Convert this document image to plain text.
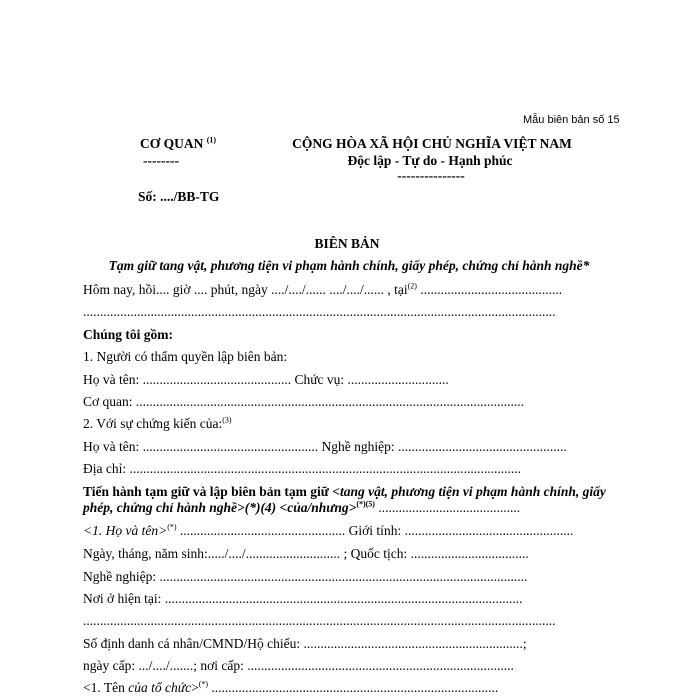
Mẫu biên bản số 15
CƠ QUAN $^{(1)}$
--------
CỘNG HÒA XÃ HỘI CHỦ NGHĨA VIỆT NAM
Độc lập - Tự do - Hạnh phúc
---------------
Số: ..../BB-TG
BIÊN BẢN
Tạm giữ tang vật, phương tiện vi phạm hành chính, giấy phép, chứng chỉ hành nghề*
Hôm nay, hồi.... giờ .... phút, ngày ..../..../...... ..../..../...... , tại$^{(2)}$ ..........................................
............................................................................................................................................
Chúng tôi gồm:
1. Người có thẩm quyền lập biên bản:
Họ và tên: ............................................ Chức vụ: ..............................
Cơ quan: ...................................................................................................................
2. Với sự chứng kiến của:$^{(3)}$
Họ và tên: .................................................... Nghề nghiệp: ..................................................
Địa chỉ: ....................................................................................................................
Tiến hành tạm giữ và lập biên bản tạm giữ <tang vật, phương tiện vi phạm hành chính, giấy
phép, chứng chỉ hành nghề>(*)(4) <của/nhưng>$^{(*)(5)}$ ..........................................
<1. Họ và tên>(*) ................................................. Giới tính: ..................................................
Ngày, tháng, năm sinh:...../..../............................ ; Quốc tịch: ...................................
Nghề nghiệp: .............................................................................................................
Nơi ở hiện tại: ..........................................................................................................
............................................................................................................................................
Số định danh cá nhân/CMND/Hộ chiếu: .................................................................;
ngày cấp: .../..../.......; nơi cấp: ...............................................................................
<1. Tên của tổ chức>(*) .....................................................................................
